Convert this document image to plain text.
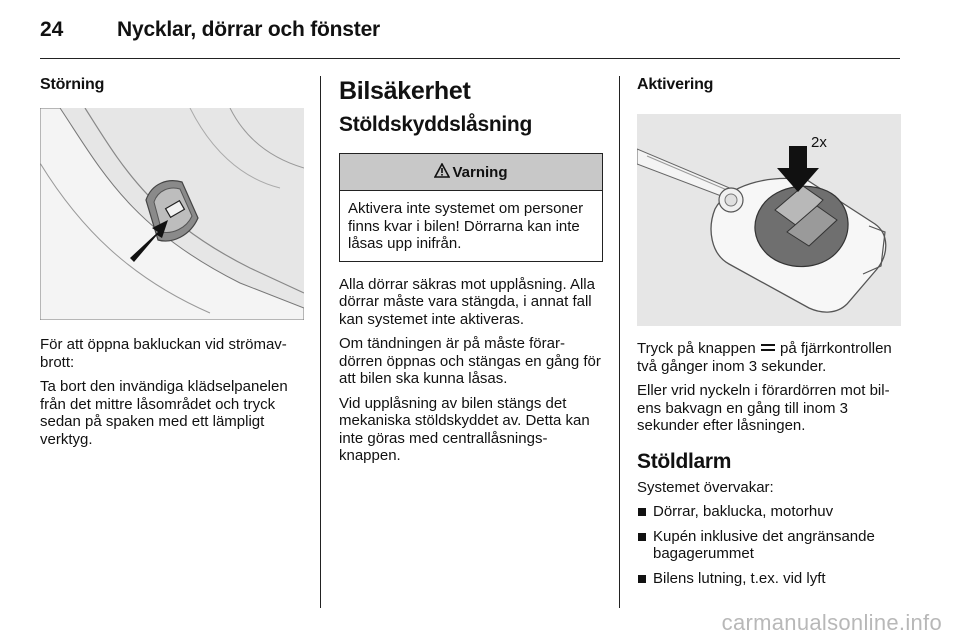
24	Nycklar, dörrar och fönster
Störning

För att öppna bakluckan vid strömavbrott:

Ta bort den invändiga klädselpanelen från det mittre låsområdet och tryck sedan på spaken med ett lämpligt verktyg.

Bilsäkerhet
Stöldskyddslåsning
Varning
Aktivera inte systemet om personer finns kvar i bilen! Dörrarna kan inte låsas upp inifrån.

Alla dörrar säkras mot upplåsning. Alla dörrar måste vara stängda, i annat fall kan systemet inte aktiveras.

Om tändningen är på måste förardörren öppnas och stängas en gång för att bilen ska kunna låsas.

Vid upplåsning av bilen stängs det mekaniska stöldskyddet av. Detta kan inte göras med centrallåsningsknappen.

Aktivering
2x

Tryck på knappen på fjärrkontrollen två gånger inom 3 sekunder.

Eller vrid nyckeln i förardörren mot bilens bakvagn en gång till inom 3 sekunder efter låsningen.

Stöldlarm

Systemet övervakar:

Dörrar, baklucka, motorhuv
Kupén inklusive det angränsande bagagerummet
Bilens lutning, t.ex. vid lyft
carmanualsonline.info
